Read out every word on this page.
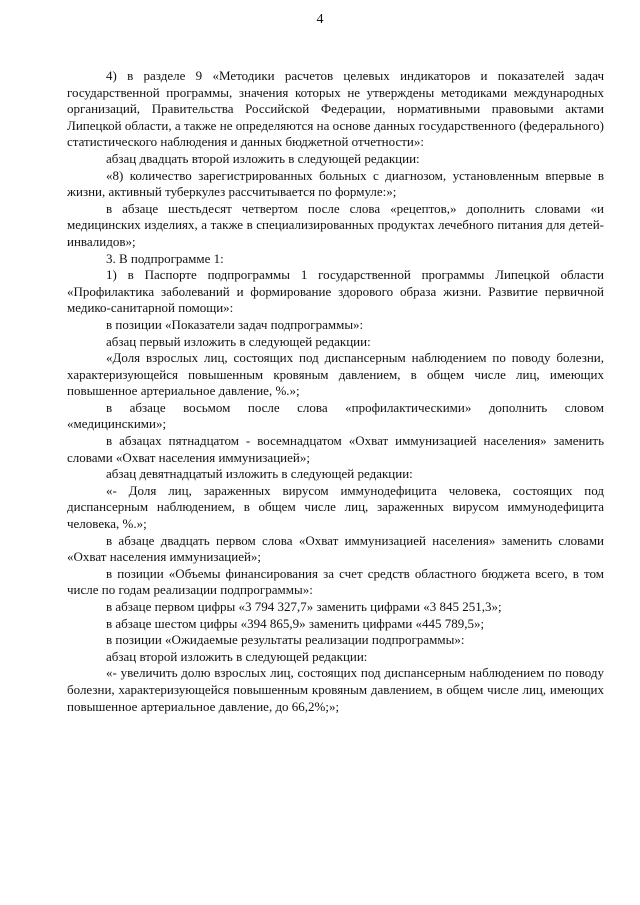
4

4) в разделе 9 «Методики расчетов целевых индикаторов и показателей задач государственной программы, значения которых не утверждены методиками международных организаций, Правительства Российской Федерации, нормативными правовыми актами Липецкой области, а также не определяются на основе данных государственного (федерального) статистического наблюдения и данных бюджетной отчетности»:

абзац двадцать второй изложить в следующей редакции:

«8) количество зарегистрированных больных с диагнозом, установленным впервые в жизни, активный туберкулез рассчитывается по формуле:»;

в абзаце шестьдесят четвертом после слова «рецептов,» дополнить словами «и медицинских изделиях, а также в специализированных продуктах лечебного питания для детей-инвалидов»;

3. В подпрограмме 1:

1) в Паспорте подпрограммы 1 государственной программы Липецкой области «Профилактика заболеваний и формирование здорового образа жизни. Развитие первичной медико-санитарной помощи»:

в позиции «Показатели задач подпрограммы»:

абзац первый изложить в следующей редакции:

«Доля взрослых лиц, состоящих под диспансерным наблюдением по поводу болезни, характеризующейся повышенным кровяным давлением, в общем числе лиц, имеющих повышенное артериальное давление, %.»;

в абзаце восьмом после слова «профилактическими» дополнить словом «медицинскими»;

в абзацах пятнадцатом - восемнадцатом «Охват иммунизацией населения» заменить словами «Охват населения иммунизацией»;

абзац девятнадцатый изложить в следующей редакции:

«- Доля лиц, зараженных вирусом иммунодефицита человека, состоящих под диспансерным наблюдением, в общем числе лиц, зараженных вирусом иммунодефицита человека, %.»;

в абзаце двадцать первом слова «Охват иммунизацией населения» заменить словами «Охват населения иммунизацией»;

в позиции «Объемы финансирования за счет средств областного бюджета всего, в том числе по годам реализации подпрограммы»:

в абзаце первом цифры «3 794 327,7» заменить цифрами «3 845 251,3»;

в абзаце шестом цифры «394 865,9» заменить цифрами «445 789,5»;

в позиции «Ожидаемые результаты реализации подпрограммы»:

абзац второй изложить в следующей редакции:

«- увеличить долю взрослых лиц, состоящих под диспансерным наблюдением по поводу болезни, характеризующейся повышенным кровяным давлением, в общем числе лиц, имеющих повышенное артериальное давление, до 66,2%;»;
